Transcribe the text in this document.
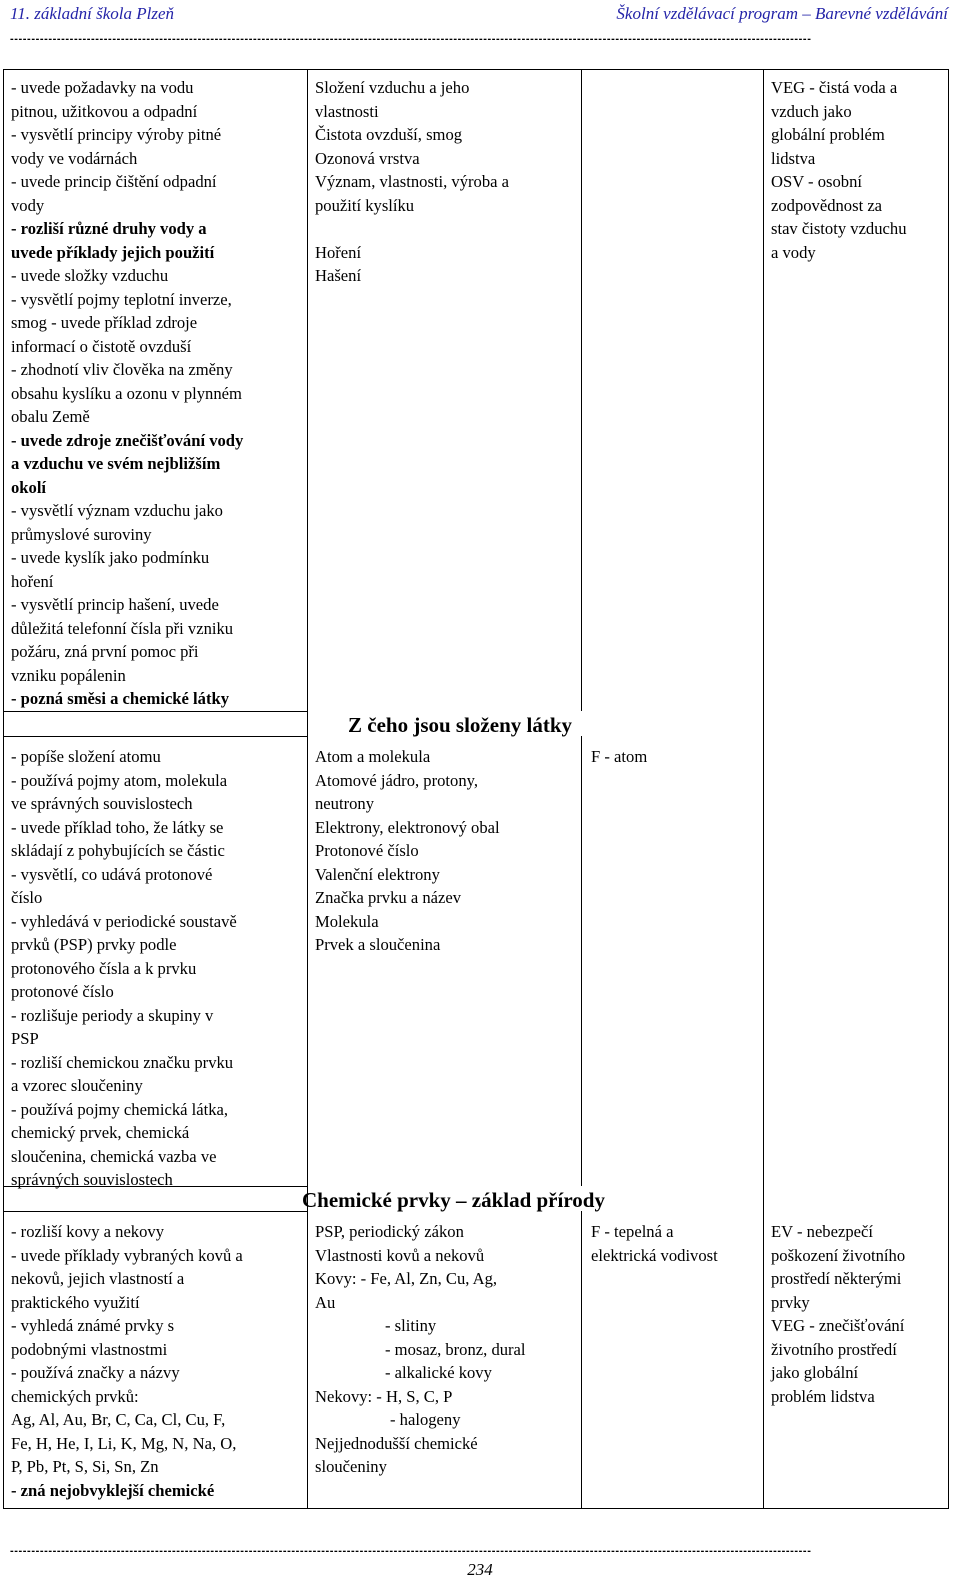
11. základní škola Plzeň	Školní vzdělávací program – Barevné vzdělávání
--------------------------------------------------------------------------------------------------------------------------------------------------------------------------------------------
- uvede požadavky na vodu
pitnou, užitkovou a odpadní
- vysvětlí principy výroby pitné
vody ve vodárnách
- uvede princip čištění odpadní
vody
- rozliší různé druhy vody a
uvede příklady jejich použití
- uvede složky vzduchu
- vysvětlí pojmy teplotní inverze,
smog - uvede příklad zdroje
informací o čistotě ovzduší
- zhodnotí vliv člověka na změny
obsahu kyslíku a ozonu v plynném
obalu Země
- uvede zdroje znečišťování vody
a vzduchu ve svém nejbližším
okolí
- vysvětlí význam vzduchu jako
průmyslové suroviny
- uvede kyslík jako podmínku
hoření
- vysvětlí princip hašení, uvede
důležitá telefonní čísla při vzniku
požáru, zná první pomoc při
vzniku popálenin
- pozná směsi a chemické látky
Složení vzduchu a jeho
vlastnosti
Čistota ovzduší, smog
Ozonová vrstva
Význam, vlastnosti, výroba a
použití kyslíku
Hoření
Hašení
VEG - čistá voda a
vzduch jako
globální problém
lidstva
OSV - osobní
zodpovědnost za
stav čistoty vzduchu
a vody
Z čeho jsou složeny látky
- popíše složení atomu
- používá pojmy atom, molekula
ve správných souvislostech
- uvede příklad toho, že látky se
skládají z pohybujících se částic
- vysvětlí, co udává protonové
číslo
- vyhledává v periodické soustavě
prvků (PSP) prvky podle
protonového čísla a k prvku
protonové číslo
- rozlišuje periody a skupiny v
PSP
- rozliší chemickou značku prvku
a vzorec sloučeniny
- používá pojmy chemická látka,
chemický prvek, chemická
sloučenina, chemická vazba ve
správných souvislostech
Atom a molekula
Atomové jádro, protony,
neutrony
Elektrony, elektronový obal
Protonové číslo
Valenční elektrony
Značka prvku a název
Molekula
Prvek a sloučenina
F - atom
Chemické prvky – základ přírody
- rozliší kovy a nekovy
- uvede příklady vybraných kovů a
nekovů, jejich vlastností a
praktického využití
- vyhledá známé prvky s
podobnými vlastnostmi
- používá značky a názvy
chemických prvků:
Ag, Al, Au, Br, C, Ca, Cl, Cu, F,
Fe, H, He, I, Li, K, Mg, N, Na, O,
P, Pb, Pt, S, Si, Sn, Zn
- zná nejobvyklejší chemické
PSP, periodický zákon
Vlastnosti kovů a nekovů
Kovy: - Fe, Al, Zn, Cu, Ag,
Au
- slitiny
- mosaz, bronz, dural
- alkalické kovy
Nekovy: - H, S, C, P
- halogeny
Nejjednodušší chemické
sloučeniny
F - tepelná a
elektrická vodivost
EV - nebezpečí
poškození životního
prostředí některými
prvky
VEG - znečišťování
životního prostředí
jako globální
problém lidstva
--------------------------------------------------------------------------------------------------------------------------------------------------------------------------------------------
234
